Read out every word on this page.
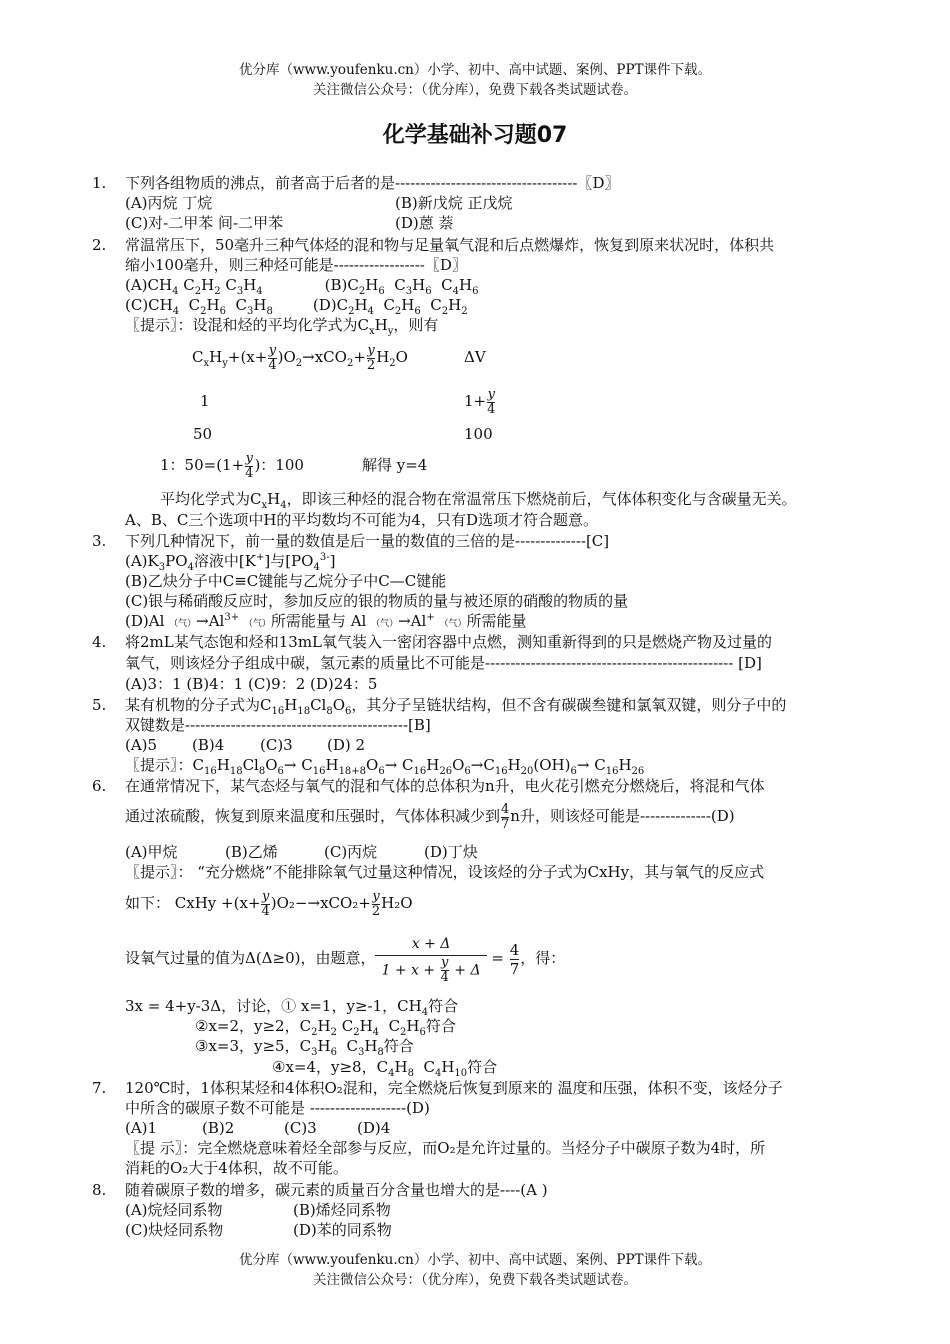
优分库（www.youfenku.cn）小学、初中、高中试题、案例、PPT课件下载。
关注微信公众号：（优分库），免费下载各类试题试卷。
化学基础补习题07
1. 下列各组物质的沸点，前者高于后者的是------------------------------------〖D〗
(A)丙烷 丁烷	(B)新戊烷 正戊烷
(C)对-二甲苯 间-二甲苯	(D)蒽 萘
2. 常温常压下，50毫升三种气体烃的混和物与足量氧气混和后点燃爆炸，恢复到原来状况时，体积共
缩小100毫升，则三种烃可能是------------------〖D〗
$(A)CH_4$ $C_2H_2$ $C_3H_4$	$(B)C_2H_6$  $C_3H_6$  $C_4H_6$
$(C)CH_4$  $C_2H_6$  $C_3H_8$	$(D)C_2H_4$  $C_2H_6$  $C_2H_2$
〖提示〗：设混和烃的平均化学式为$C_xH_y$，则有
$C_xH_y+(x+ \frac{y}{4} )O_2\to xCO_2+ \frac{y}{2} H_2O$	ΔV
1	$1+ \frac{y}{4}$
50	100
1：$50=(1+ \frac{y}{4}$ )：100	解得 y=4
平均化学式为$C_xH_4$，即该三种烃的混合物在常温常压下燃烧前后，气体体积变化与含碳量无关。
A、B、C三个选项中H的平均数均不可能为4，只有D选项才符合题意。
3. 下列几种情况下，前一量的数值是后一量的数值的三倍的是--------------[C]
$(A)K_3PO_4$溶液中[K+]与$[PO_4^{3-}]$
(B)乙炔分子中C≡C键能与乙烷分子中C—C键能
(C)银与稀硝酸反应时，参加反应的银的物质的量与被还原的硝酸的物质的量
(D)Al （气）$\to Al^{3+}$ （气）所需能量与 Al （气）→Al+ （气）所需能量
4. 将2mL某气态饱和烃和13mL氧气装入一密闭容器中点燃，测知重新得到的只是燃烧产物及过量的
氧气，则该烃分子组成中碳，氢元素的质量比不可能是------------------------------------------------- [D]
(A)3：1 (B)4：1 (C)9：2 (D)24：5
5. 某有机物的分子式为$C_{16}H_{18}Cl_8O_6$，其分子呈链状结构，但不含有碳碳叁键和氯氧双键，则分子中的
双键数是--------------------------------------------[B]
(A)5 (B)4 (C)3 (D) 2
〖提示〗：$C_{16}H_{18}Cl_8O_6\to C_{16}H_{18+8}O_6\to C_{16}H_{26}O_6\to C_{16}H_{20}(OH)_6\to C_{16}H_{26}$
6. 在通常情况下，某气态烃与氧气的混和气体的总体积为n升，电火花引燃充分燃烧后，将混和气体
通过浓硫酸，恢复到原来温度和压强时，气体体积减少到 $\frac{4}{7}$ n升，则该烃可能是--------------(D)
(A)甲烷	(B)乙烯	(C)丙烷	(D)丁炔
〖提示〗： “充分燃烧”不能排除氧气过量这种情况，设该烃的分子式为CxHy，其与氧气的反应式
如下： CxHy $+(x+ \frac{y}{4} )O_2-\to xCO_2+ \frac{y}{2} H_2O$
设氧气过量的值为Δ(Δ≥0)，由题意， $\frac{x + \Delta}{1 + x + \frac{y}{4} + \Delta} = \frac{4}{7}$ ，得：
3x = 4+y-3Δ，讨论，① x=1，y≥-1，$CH_4$符合
②x=2，y≥2，$C_2H_2$ $C_2H_4$  $C_2H_6$符合
③x=3，y≥5，$C_3H_6$  $C_3H_8$符合
④x=4，y≥8，$C_4H_8$  $C_4H_{10}$符合
7. 120℃时，1体积某烃和4体积O₂混和，完全燃烧后恢复到原来的 温度和压强，体积不变，该烃分子
中所含的碳原子数不可能是 -------------------(D)
(A)1	(B)2	(C)3	(D)4
〖提 示〗：完全燃烧意味着烃全部参与反应，而O₂是允许过量的。当烃分子中碳原子数为4时，所
消耗的O₂大于4体积，故不可能。
8. 随着碳原子数的增多，碳元素的质量百分含量也增大的是----(A )
(A)烷烃同系物	(B)烯烃同系物
(C)炔烃同系物	(D)苯的同系物
优分库（www.youfenku.cn）小学、初中、高中试题、案例、PPT课件下载。
关注微信公众号：（优分库），免费下载各类试题试卷。
